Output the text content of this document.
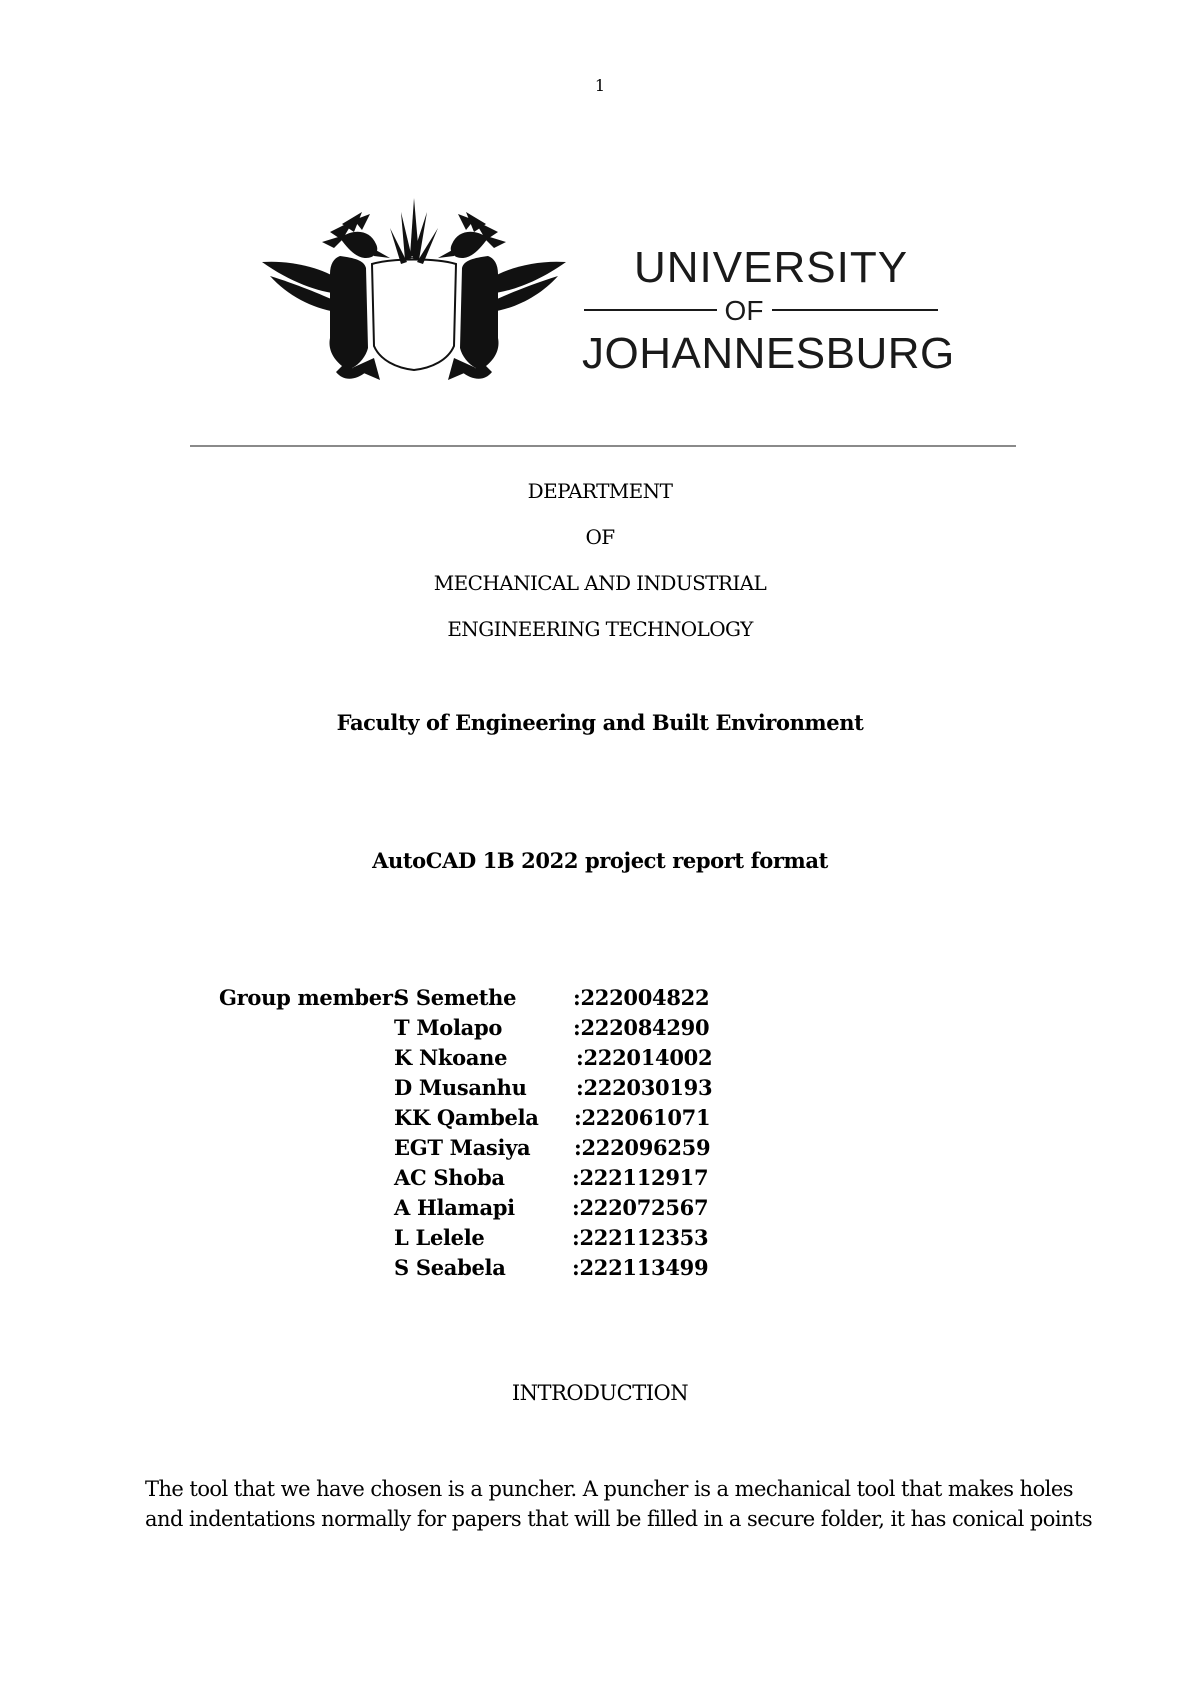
1
UNIVERSITY
OF
JOHANNESBURG
DEPARTMENT
OF
MECHANICAL AND INDUSTRIAL
ENGINEERING TECHNOLOGY
Faculty of Engineering and Built Environment
AutoCAD 1B 2022 project report format
Group member:
S Semethe	:222004822
T Molapo	:222084290
K Nkoane	:222014002
D Musanhu :222030193
KK Qambela :222061071
EGT Masiya :222096259
AC Shoba	:222112917
A Hlamapi	:222072567
L Lelele	:222112353
S Seabela	:222113499
INTRODUCTION
The tool that we have chosen is a puncher. A puncher is a mechanical tool that makes holes
and indentations normally for papers that will be filled in a secure folder, it has conical points
